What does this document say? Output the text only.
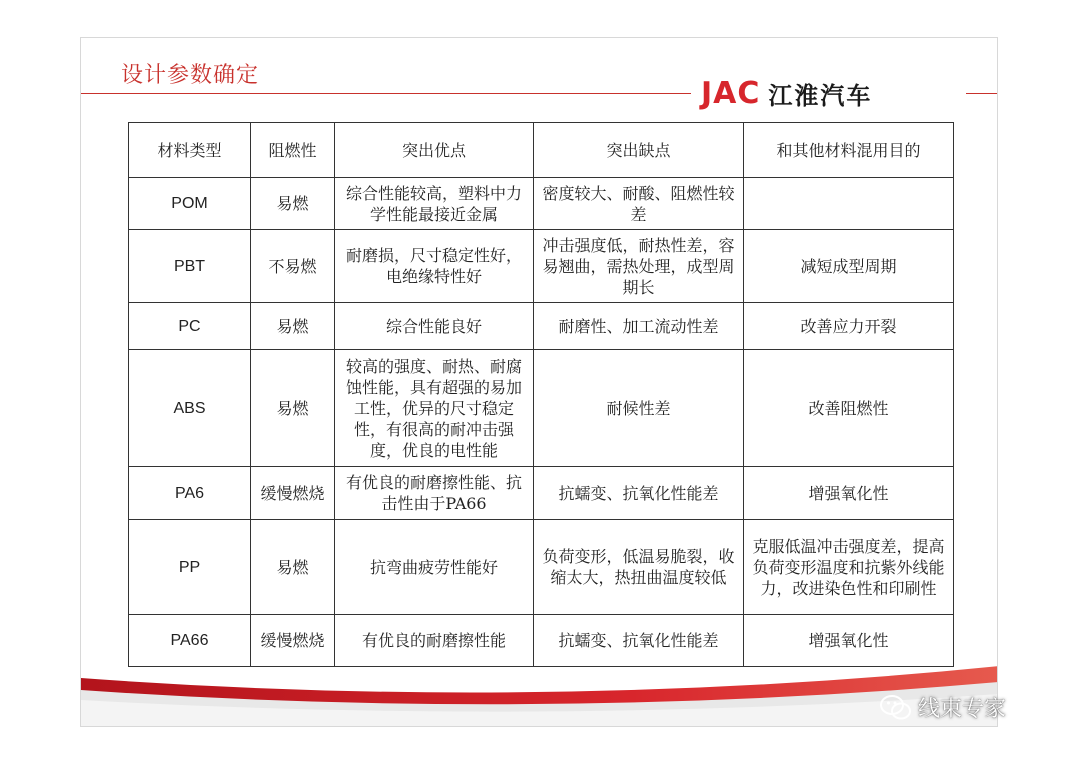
设计参数确定	JAC 江淮汽车
材料类型	阻燃性	突出优点	突出缺点	和其他材料混用目的
POM	易燃	综合性能较高，塑料中力学性能最接近金属	密度较大、耐酸、阻燃性较差	
PBT	不易燃	耐磨损，尺寸稳定性好，电绝缘特性好	冲击强度低，耐热性差，容易翘曲，需热处理，成型周期长	减短成型周期
PC	易燃	综合性能良好	耐磨性、加工流动性差	改善应力开裂
ABS	易燃	较高的强度、耐热、耐腐蚀性能，具有超强的易加工性，优异的尺寸稳定性，有很高的耐冲击强度，优良的电性能	耐候性差	改善阻燃性
PA6	缓慢燃烧	有优良的耐磨擦性能、抗击性由于PA66	抗蠕变、抗氧化性能差	增强氧化性
PP	易燃	抗弯曲疲劳性能好	负荷变形，低温易脆裂，收缩太大，热扭曲温度较低	克服低温冲击强度差，提高负荷变形温度和抗紫外线能力，改进染色性和印刷性
PA66	缓慢燃烧	有优良的耐磨擦性能	抗蠕变、抗氧化性能差	增强氧化性
线束专家
